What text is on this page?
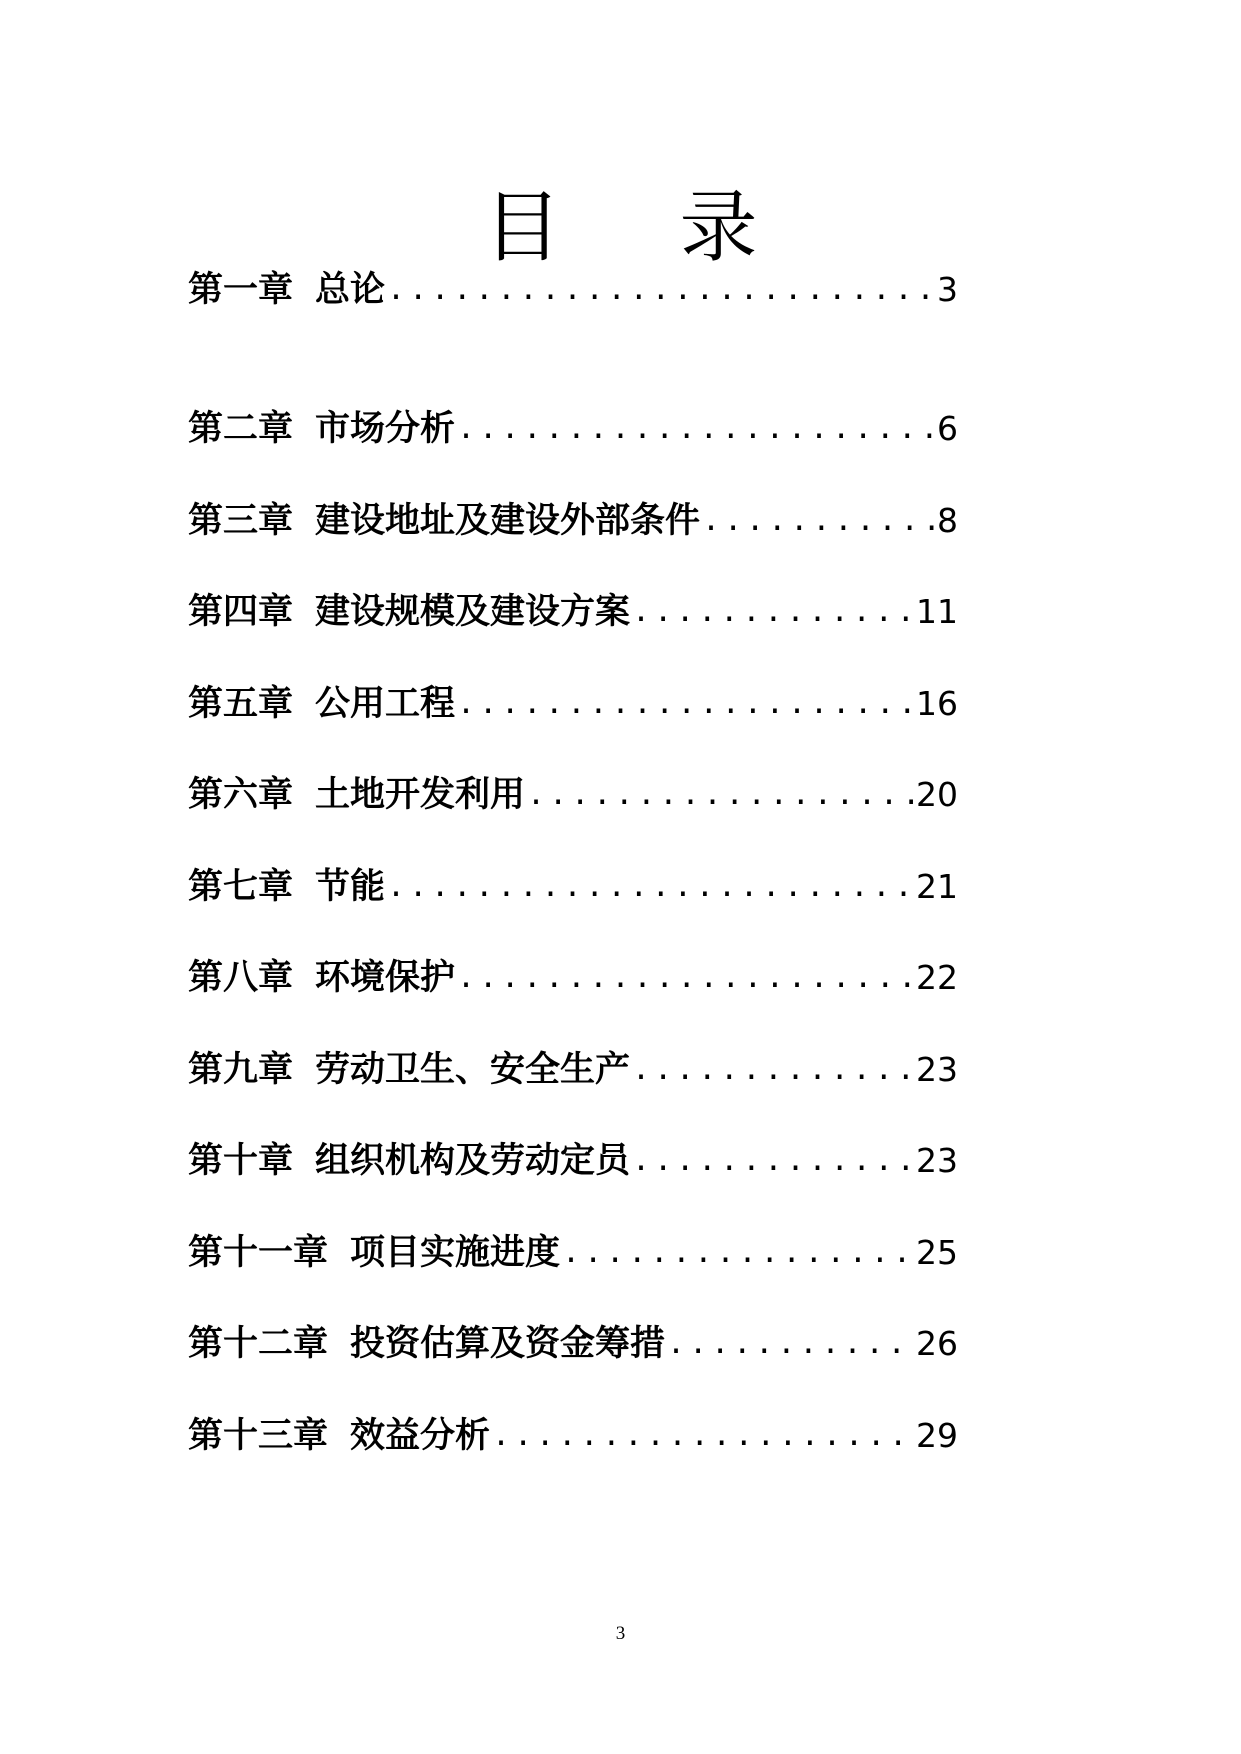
目录
第一章 总论 .....	3
第二章 市场分析 .....	6
第三章 建设地址及建设外部条件 .....	8
第四章 建设规模及建设方案 .....	11
第五章 公用工程 .....	16
第六章 土地开发利用 .....	20
第七章 节能 .....	21
第八章 环境保护 .....	22
第九章 劳动卫生、安全生产 .....	23
第十章 组织机构及劳动定员 .....	23
第十一章 项目实施进度 .....	25
第十二章 投资估算及资金筹措 .....	26
第十三章 效益分析 .....	29
3
